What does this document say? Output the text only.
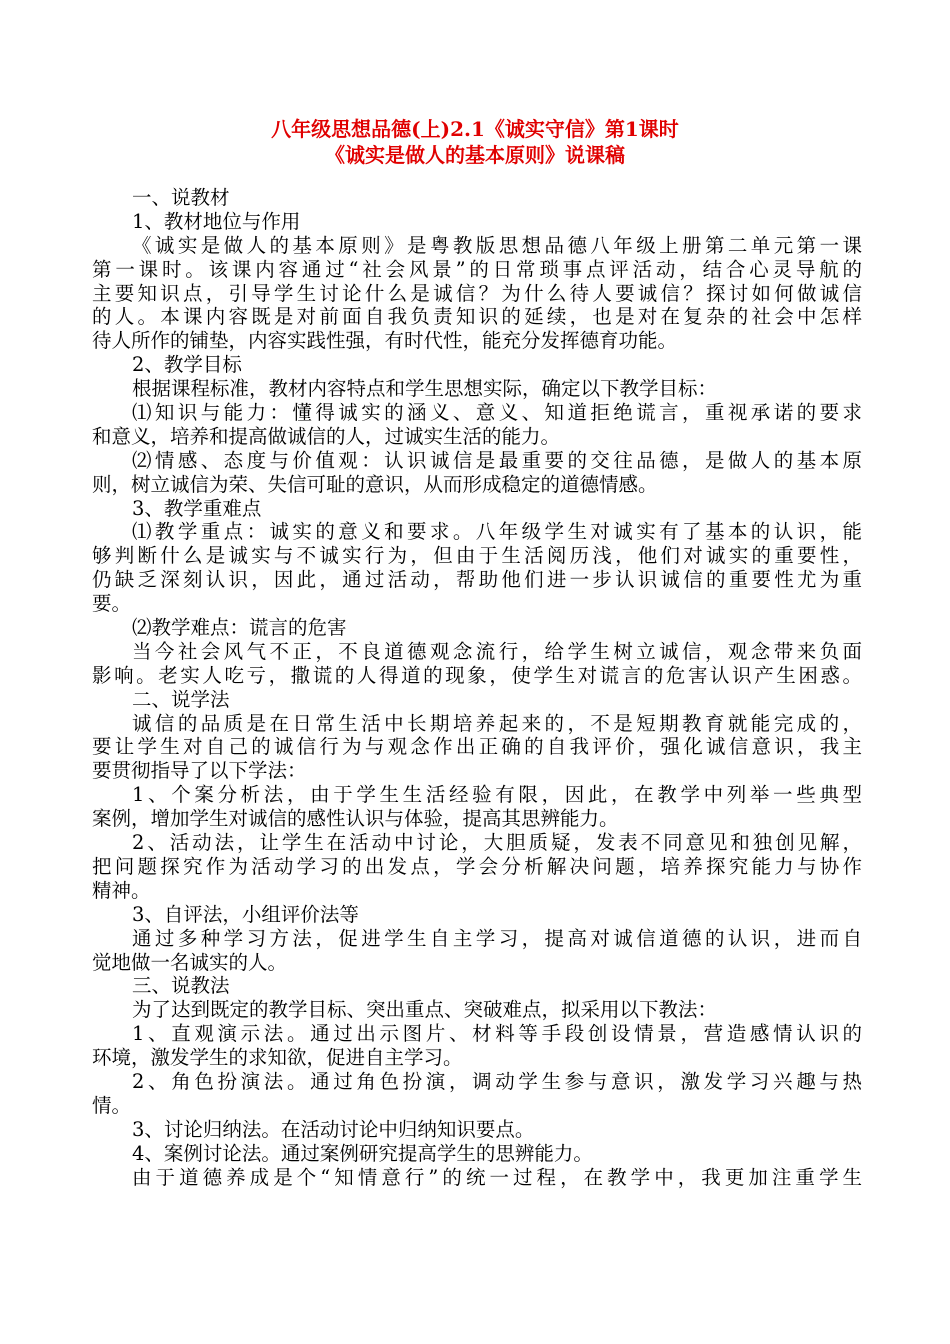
八年级思想品德(上)2.1《诚实守信》第1课时
《诚实是做人的基本原则》说课稿
一、说教材
1、教材地位与作用
《诚实是做人的基本原则》是粤教版思想品德八年级上册第二单元第一课
第一课时。该课内容通过“社会风景”的日常琐事点评活动，结合心灵导航的
主要知识点，引导学生讨论什么是诚信？为什么待人要诚信？探讨如何做诚信
的人。本课内容既是对前面自我负责知识的延续，也是对在复杂的社会中怎样
待人所作的铺垫，内容实践性强，有时代性，能充分发挥德育功能。
2、教学目标
根据课程标准，教材内容特点和学生思想实际，确定以下教学目标：
⑴知识与能力：懂得诚实的涵义、意义、知道拒绝谎言，重视承诺的要求
和意义，培养和提高做诚信的人，过诚实生活的能力。
⑵情感、态度与价值观：认识诚信是最重要的交往品德，是做人的基本原
则，树立诚信为荣、失信可耻的意识，从而形成稳定的道德情感。
3、教学重难点
⑴教学重点：诚实的意义和要求。八年级学生对诚实有了基本的认识，能
够判断什么是诚实与不诚实行为，但由于生活阅历浅，他们对诚实的重要性，
仍缺乏深刻认识，因此，通过活动，帮助他们进一步认识诚信的重要性尤为重
要。
⑵教学难点：谎言的危害
当今社会风气不正，不良道德观念流行，给学生树立诚信，观念带来负面
影响。老实人吃亏，撒谎的人得道的现象，使学生对谎言的危害认识产生困惑。
二、说学法
诚信的品质是在日常生活中长期培养起来的，不是短期教育就能完成的，
要让学生对自己的诚信行为与观念作出正确的自我评价，强化诚信意识，我主
要贯彻指导了以下学法：
1、个案分析法，由于学生生活经验有限，因此，在教学中列举一些典型
案例，增加学生对诚信的感性认识与体验，提高其思辨能力。
2、活动法，让学生在活动中讨论，大胆质疑，发表不同意见和独创见解，
把问题探究作为活动学习的出发点，学会分析解决问题，培养探究能力与协作
精神。
3、自评法，小组评价法等
通过多种学习方法，促进学生自主学习，提高对诚信道德的认识，进而自
觉地做一名诚实的人。
三、说教法
为了达到既定的教学目标、突出重点、突破难点，拟采用以下教法：
1、直观演示法。通过出示图片、材料等手段创设情景，营造感情认识的
环境，激发学生的求知欲，促进自主学习。
2、角色扮演法。通过角色扮演，调动学生参与意识，激发学习兴趣与热
情。
3、讨论归纳法。在活动讨论中归纳知识要点。
4、案例讨论法。通过案例研究提高学生的思辨能力。
由于道德养成是个“知情意行”的统一过程，在教学中，我更加注重学生
